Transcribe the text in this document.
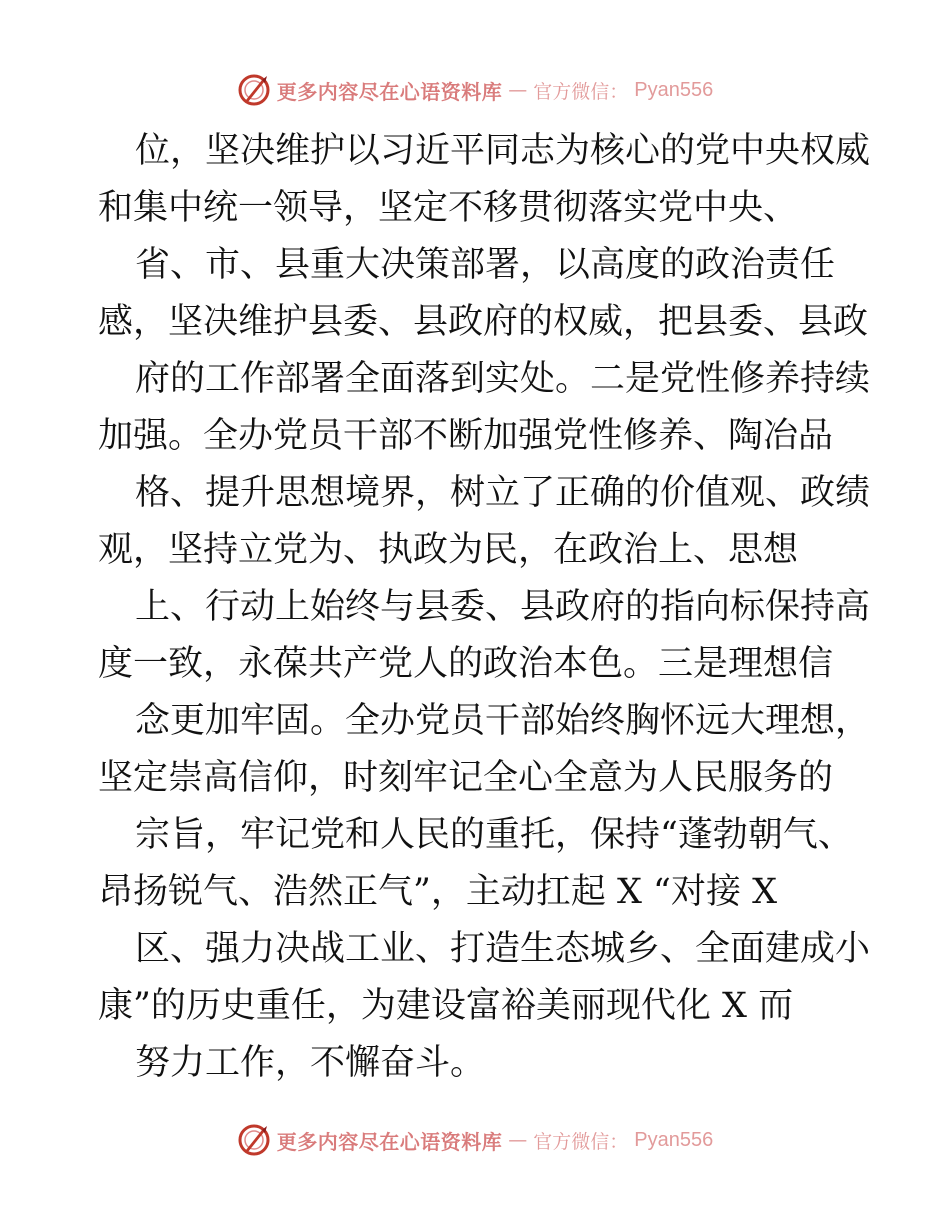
更多内容尽在心语资料库 — 官方微信： Pyan556
位，坚决维护以习近平同志为核心的党中央权威
和集中统一领导，坚定不移贯彻落实党中央、
省、市、县重大决策部署，以高度的政治责任
感，坚决维护县委、县政府的权威，把县委、县政
府的工作部署全面落到实处。二是党性修养持续
加强。全办党员干部不断加强党性修养、陶冶品
格、提升思想境界，树立了正确的价值观、政绩
观，坚持立党为、执政为民，在政治上、思想
上、行动上始终与县委、县政府的指向标保持高
度一致，永葆共产党人的政治本色。三是理想信
念更加牢固。全办党员干部始终胸怀远大理想，
坚定崇高信仰，时刻牢记全心全意为人民服务的
宗旨，牢记党和人民的重托，保持“蓬勃朝气、
昂扬锐气、浩然正气”，主动扛起 X “对接 X
区、强力决战工业、打造生态城乡、全面建成小
康”的历史重任，为建设富裕美丽现代化 X 而
努力工作，不懈奋斗。
更多内容尽在心语资料库 — 官方微信： Pyan556
